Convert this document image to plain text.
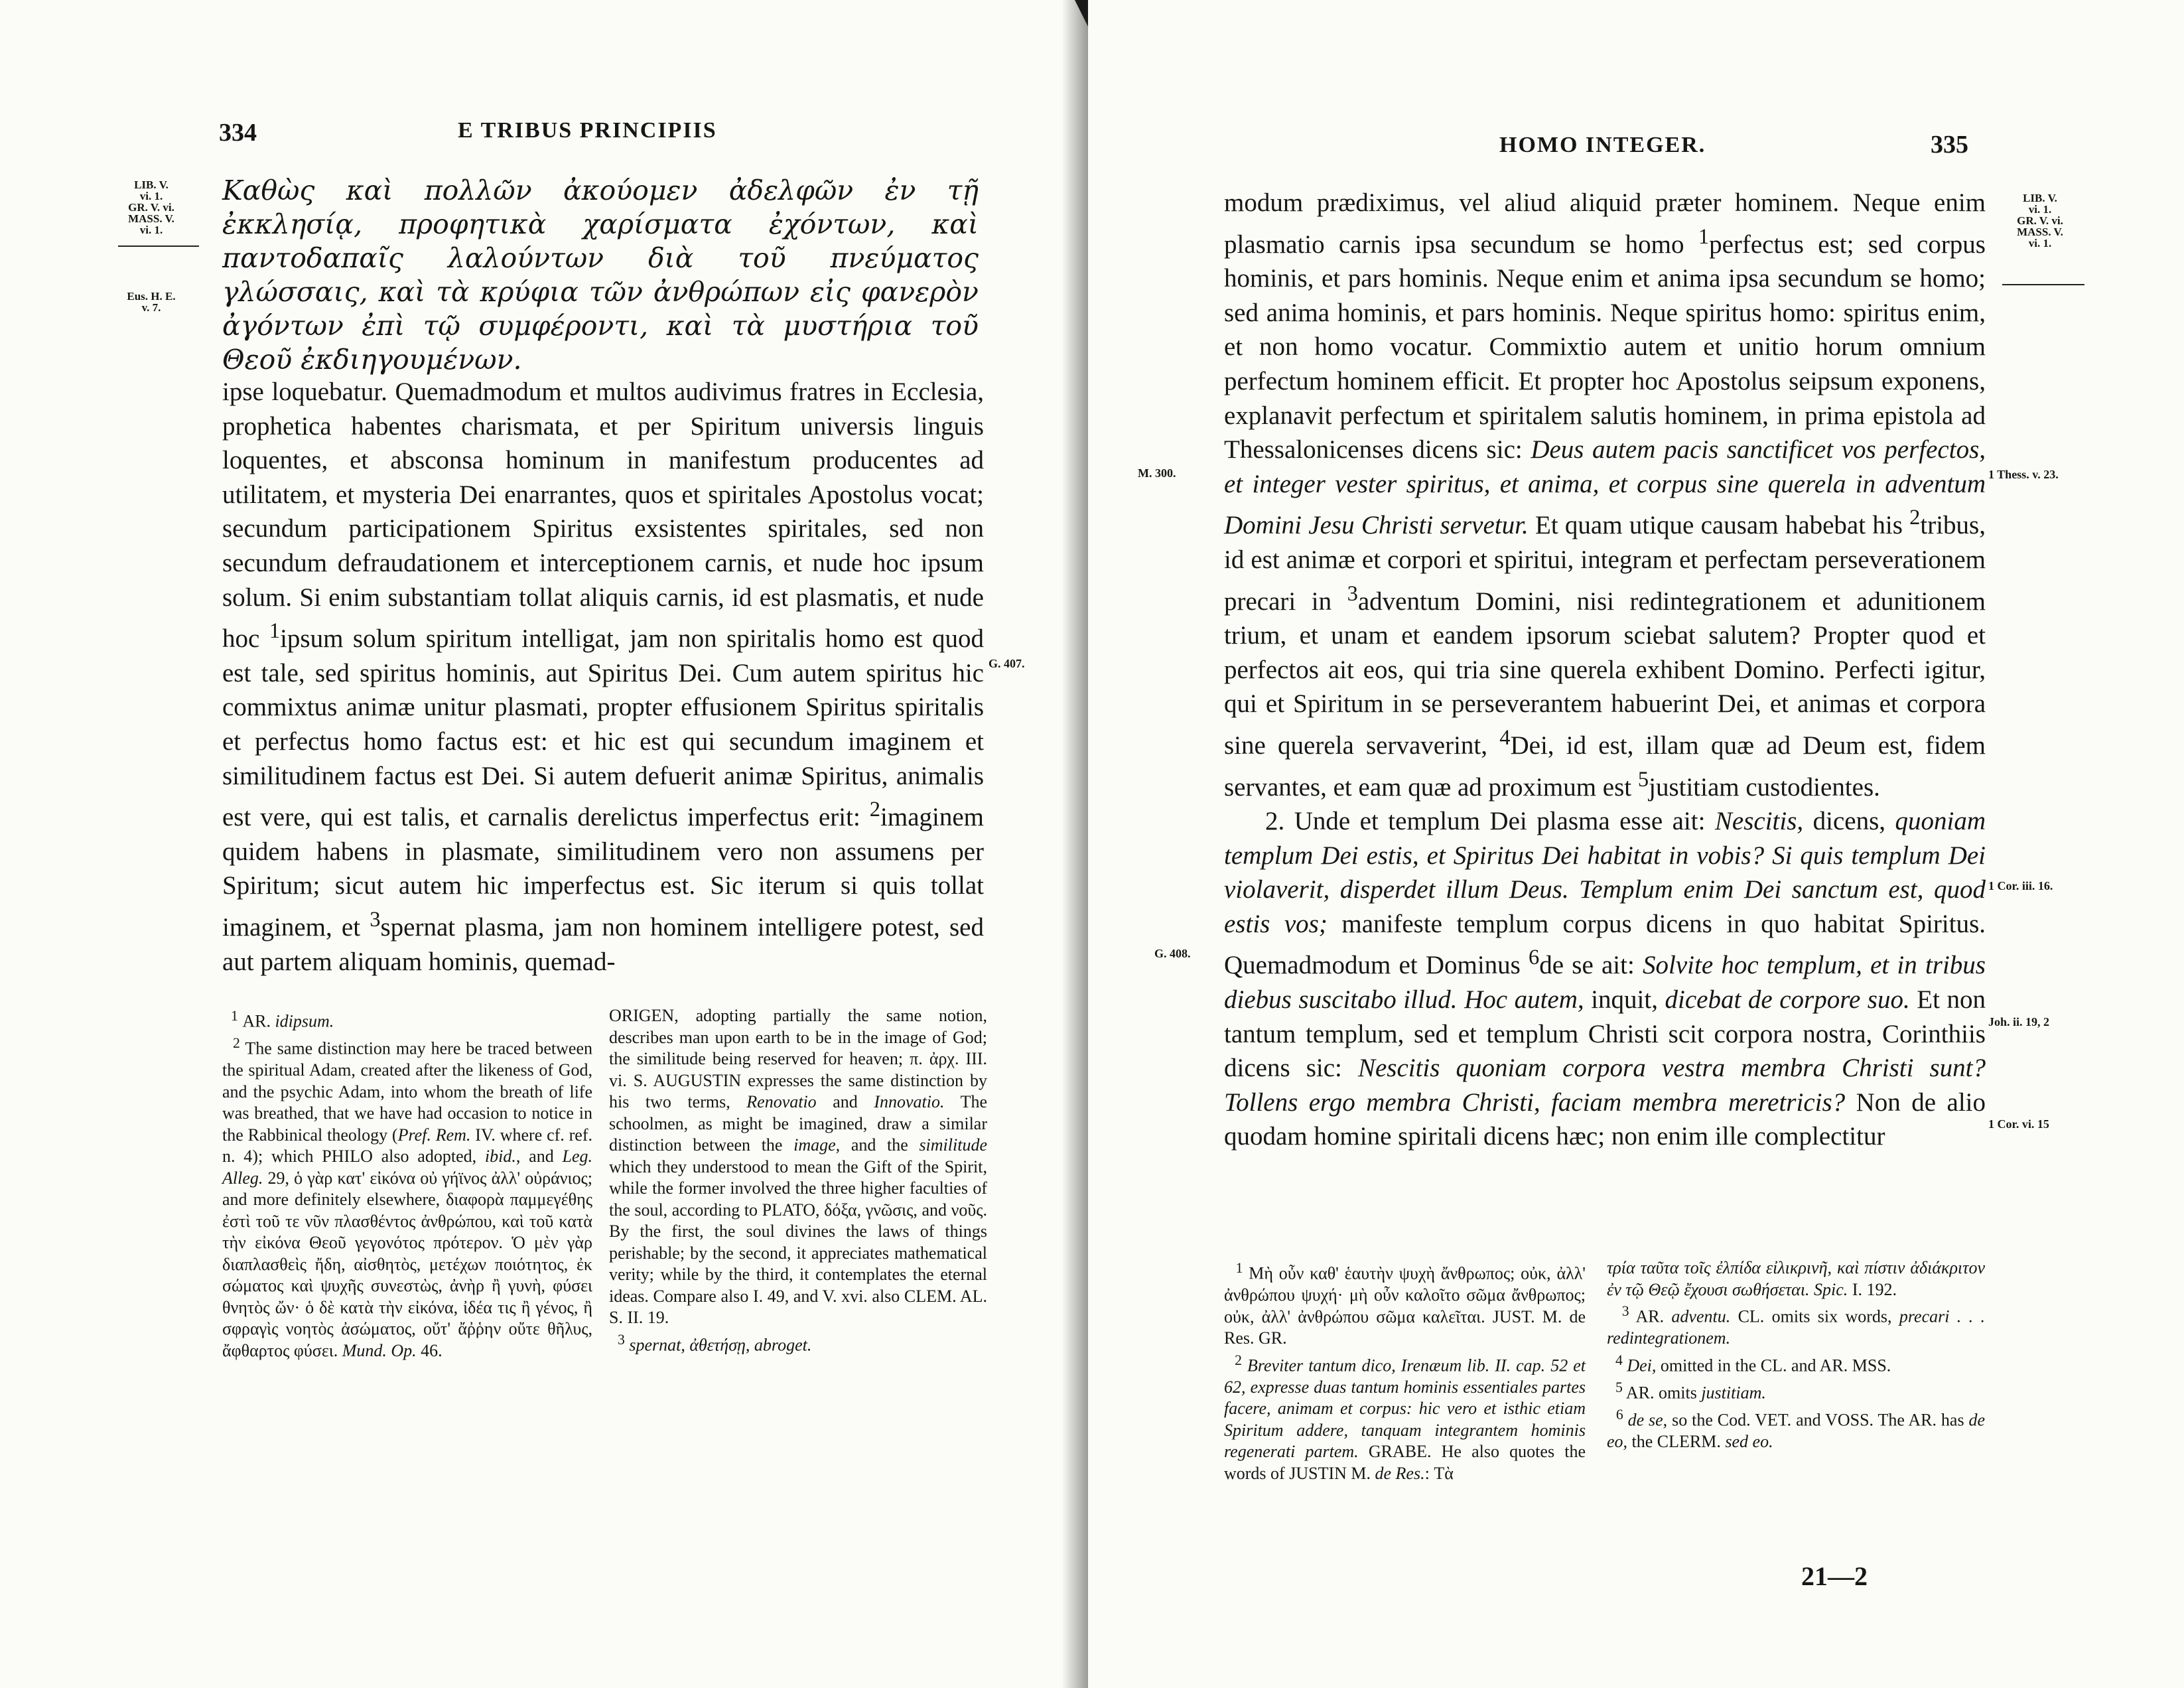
334	E TRIBUS PRINCIPIIS
LIB. V.
vi. 1.
GR. V. vi.
MASS. V.
vi. 1.
Eus. H. E.
v. 7.

Καθὼς καὶ πολλῶν ἀκούομεν ἀδελφῶν ἐν τῇ ἐκκλησίᾳ, προφητικὰ χαρίσματα ἐχόντων, καὶ παντοδαπαῖς λαλούντων διὰ τοῦ πνεύματος γλώσσαις, καὶ τὰ κρύφια τῶν ἀνθρώπων εἰς φανερὸν ἀγόντων ἐπὶ τῷ συμφέροντι, καὶ τὰ μυστήρια τοῦ Θεοῦ ἐκδιηγουμένων.

ipse loquebatur. Quemadmodum et multos audivimus fratres in Ecclesia, prophetica habentes charismata, et per Spiritum universis linguis loquentes, et absconsa hominum in manifestum producentes ad utilitatem, et mysteria Dei enarrantes, quos et spiritales Apostolus vocat; secundum participationem Spiritus exsistentes spiritales, sed non secundum defraudationem et interceptionem carnis, et nude hoc ipsum solum. Si enim substantiam tollat aliquis carnis, id est plasmatis, et nude hoc $^1$ipsum solum spiritum intelligat, jam non spiritalis homo est quod est tale, sed spiritus hominis, aut Spiritus Dei. Cum autem spiritus hic commixtus animæ unitur plasmati, propter effusionem Spiritus spiritalis et perfectus homo factus est: et hic est qui secundum imaginem et similitudinem factus est Dei. Si autem defuerit animæ Spiritus, animalis est vere, qui est talis, et carnalis derelictus imperfectus erit: $^2$imaginem quidem habens in plasmate, similitudinem vero non assumens per Spiritum; sicut autem hic imperfectus est. Sic iterum si quis tollat imaginem, et $^3$spernat plasma, jam non hominem intelligere potest, sed aut partem aliquam hominis, quemad-

G. 407.

$^1$ AR. idipsum.

$^2$ The same distinction may here be traced between the spiritual Adam, created after the likeness of God, and the psychic Adam, into whom the breath of life was breathed, that we have had occasion to notice in the Rabbinical theology (Pref. Rem. IV. where cf. ref. n. 4); which PHILO also adopted, ibid., and Leg. Alleg. 29, ὁ γὰρ κατ' εἰκόνα οὐ γήϊνος ἀλλ' οὐράνιος; and more definitely elsewhere, διαφορὰ παμμεγέθης ἐστὶ τοῦ τε νῦν πλασθέντος ἀνθρώπου, καὶ τοῦ κατὰ τὴν εἰκόνα Θεοῦ γεγονότος πρότερον. Ὁ μὲν γὰρ διαπλασθεὶς ἤδη, αἰσθητὸς, μετέχων ποιότητος, ἐκ σώματος καὶ ψυχῆς συνεστὼς, ἀνὴρ ἢ γυνὴ, φύσει θνητὸς ὤν· ὁ δὲ κατὰ τὴν εἰκόνα, ἰδέα τις ἢ γένος, ἢ σφραγὶς νοητὸς ἀσώματος, οὔτ' ἄῤῥην οὔτε θῆλυς, ἄφθαρτος φύσει. Mund. Op. 46.

ORIGEN, adopting partially the same notion, describes man upon earth to be in the image of God; the similitude being reserved for heaven; π. ἀρχ. III. vi. S. AUGUSTIN expresses the same distinction by his two terms, Renovatio and Innovatio. The schoolmen, as might be imagined, draw a similar distinction between the image, and the similitude which they understood to mean the Gift of the Spirit, while the former involved the three higher faculties of the soul, according to PLATO, δόξα, γνῶσις, and νοῦς. By the first, the soul divines the laws of things perishable; by the second, it appreciates mathematical verity; while by the third, it contemplates the eternal ideas. Compare also I. 49, and V. xvi. also CLEM. AL. S. II. 19.

$^3$ spernat, ἀθετήσῃ, abroget.

HOMO INTEGER.	335
LIB. V.
vi. 1.
GR. V. vi.
MASS. V.
vi. 1.
M. 300.	1 Thess. v. 23.
1 Cor. iii. 16.
G. 408.
Joh. ii. 19, 2
1 Cor. vi. 15

modum prædiximus, vel aliud aliquid præter hominem. Neque enim plasmatio carnis ipsa secundum se homo $^1$perfectus est; sed corpus hominis, et pars hominis. Neque enim et anima ipsa secundum se homo; sed anima hominis, et pars hominis. Neque spiritus homo: spiritus enim, et non homo vocatur. Commixtio autem et unitio horum omnium perfectum hominem efficit. Et propter hoc Apostolus seipsum exponens, explanavit perfectum et spiritalem salutis hominem, in prima epistola ad Thessalonicenses dicens sic: Deus autem pacis sanctificet vos perfectos, et integer vester spiritus, et anima, et corpus sine querela in adventum Domini Jesu Christi servetur. Et quam utique causam habebat his $^2$tribus, id est animæ et corpori et spiritui, integram et perfectam perseverationem precari in $^3$adventum Domini, nisi redintegrationem et adunitionem trium, et unam et eandem ipsorum sciebat salutem? Propter quod et perfectos ait eos, qui tria sine querela exhibent Domino. Perfecti igitur, qui et Spiritum in se perseverantem habuerint Dei, et animas et corpora sine querela servaverint, $^4$Dei, id est, illam quæ ad Deum est, fidem servantes, et eam quæ ad proximum est $^5$justitiam custodientes.
2. Unde et templum Dei plasma esse ait: Nescitis, dicens, quoniam templum Dei estis, et Spiritus Dei habitat in vobis? Si quis templum Dei violaverit, disperdet illum Deus. Templum enim Dei sanctum est, quod estis vos; manifeste templum corpus dicens in quo habitat Spiritus. Quemadmodum et Dominus $^6$de se ait: Solvite hoc templum, et in tribus diebus suscitabo illud. Hoc autem, inquit, dicebat de corpore suo. Et non tantum templum, sed et templum Christi scit corpora nostra, Corinthiis dicens sic: Nescitis quoniam corpora vestra membra Christi sunt? Tollens ergo membra Christi, faciam membra meretricis? Non de alio quodam homine spiritali dicens hæc; non enim ille complectitur

$^1$ Μὴ οὖν καθ' ἑαυτὴν ψυχὴ ἄνθρωπος; οὐκ, ἀλλ' ἀνθρώπου ψυχή· μὴ οὖν καλοῖτο σῶμα ἄνθρωπος; οὐκ, ἀλλ' ἀνθρώπου σῶμα καλεῖται. JUST. M. de Res. GR.

$^2$ Breviter tantum dico, Irenæum lib. II. cap. 52 et 62, expresse duas tantum hominis essentiales partes facere, animam et corpus: hic vero et isthic etiam Spiritum addere, tanquam integrantem hominis regenerati partem. GRABE. He also quotes the words of JUSTIN M. de Res.: Τὰ

τρία ταῦτα τοῖς ἐλπίδα εἰλικρινῆ, καὶ πίστιν ἀδιάκριτον ἐν τῷ Θεῷ ἔχουσι σωθήσεται. Spic. I. 192.

$^3$ AR. adventu. CL. omits six words, precari . . . redintegrationem.

$^4$ Dei, omitted in the CL. and AR. MSS.

$^5$ AR. omits justitiam.

$^6$ de se, so the Cod. VET. and VOSS. The AR. has de eo, the CLERM. sed eo.

21—2
